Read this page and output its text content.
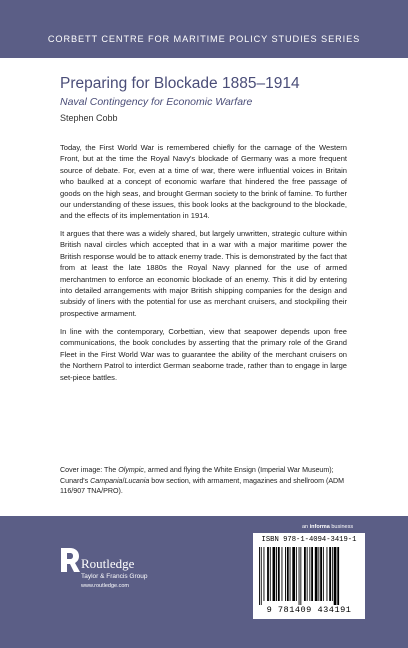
CORBETT CENTRE FOR MARITIME POLICY STUDIES SERIES
Preparing for Blockade 1885–1914
Naval Contingency for Economic Warfare
Stephen Cobb

Today, the First World War is remembered chiefly for the carnage of the Western Front, but at the time the Royal Navy's blockade of Germany was a more frequent source of debate. For, even at a time of war, there were influential voices in Britain who baulked at a concept of economic warfare that hindered the free passage of goods on the high seas, and brought German society to the brink of famine. To further our understanding of these issues, this book looks at the background to the blockade, and the effects of its implementation in 1914.

It argues that there was a widely shared, but largely unwritten, strategic culture within British naval circles which accepted that in a war with a major maritime power the British response would be to attack enemy trade. This is demonstrated by the fact that from at least the late 1880s the Royal Navy planned for the use of armed merchantmen to enforce an economic blockade of an enemy. This it did by entering into detailed arrangements with major British shipping companies for the design and subsidy of liners with the potential for use as merchant cruisers, and stockpiling their prospective armament.

In line with the contemporary, Corbettian, view that seapower depends upon free communications, the book concludes by asserting that the primary role of the Grand Fleet in the First World War was to guarantee the ability of the merchant cruisers on the Northern Patrol to interdict German seaborne trade, rather than to engage in large set-piece battles.

Cover image: The Olympic, armed and flying the White Ensign (Imperial War Museum); Cunard's Campania/Lucania bow section, with armament, magazines and shellroom (ADM 116/907 TNA/PRO).

an informa business
Routledge
Taylor & Francis Group
www.routledge.com
ISBN 978-1-4094-3419-1
9 781409 434191
